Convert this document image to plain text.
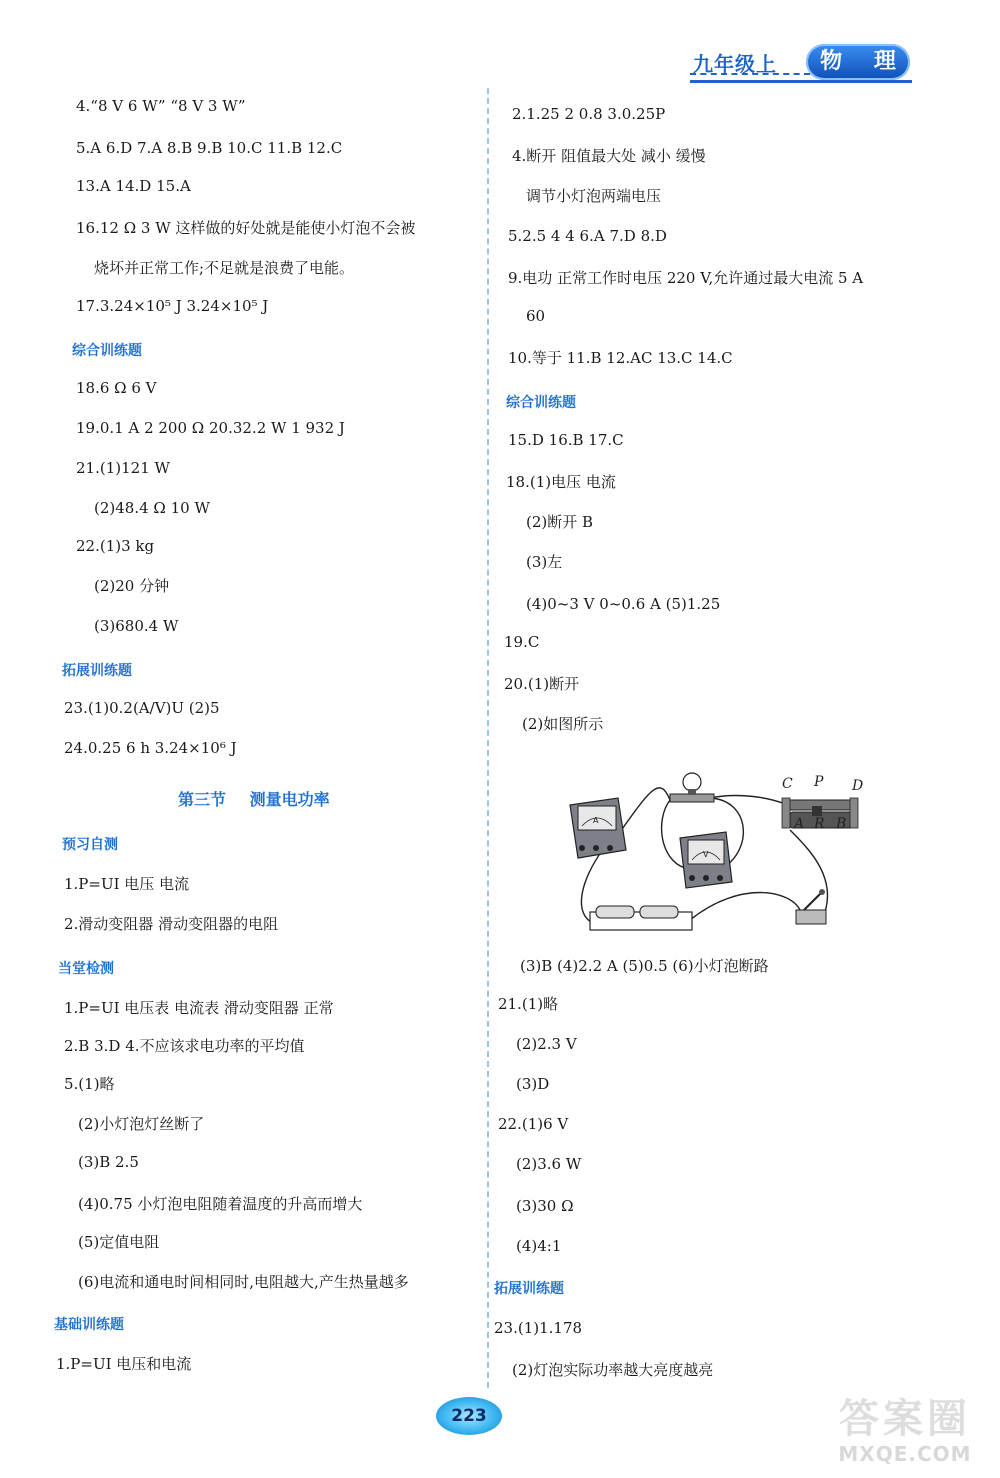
九年级上	物 理
4.“8 V 6 W” “8 V 3 W”
5.A 6.D 7.A 8.B 9.B 10.C 11.B 12.C
13.A 14.D 15.A
16.12 Ω 3 W 这样做的好处就是能使小灯泡不会被
烧坏并正常工作;不足就是浪费了电能。
17.3.24×10⁵ J 3.24×10⁵ J
18.6 Ω 6 V
19.0.1 A 2 200 Ω 20.32.2 W 1 932 J
21.(1)121 W
(2)48.4 Ω 10 W
22.(1)3 kg
(2)20 分钟
(3)680.4 W
23.(1)0.2(A/V)U (2)5
24.0.25 6 h 3.24×10⁶ J
1.P=UI 电压 电流
2.滑动变阻器 滑动变阻器的电阻
1.P=UI 电压表 电流表 滑动变阻器 正常
2.B 3.D 4.不应该求电功率的平均值
5.(1)略
(2)小灯泡灯丝断了
(3)B 2.5
(4)0.75 小灯泡电阻随着温度的升高而增大
(5)定值电阻
(6)电流和通电时间相同时,电阻越大,产生热量越多
1.P=UI 电压和电流
综合训练题
拓展训练题
预习自测
当堂检测
基础训练题
2.1.25 2 0.8 3.0.25P
4.断开 阻值最大处 减小 缓慢
调节小灯泡两端电压
5.2.5 4 4 6.A 7.D 8.D
9.电功 正常工作时电压 220 V,允许通过最大电流 5 A
60
10.等于 11.B 12.AC 13.C 14.C
15.D 16.B 17.C
18.(1)电压 电流
(2)断开 B
(3)左
(4)0~3 V 0~0.6 A (5)1.25
19.C
20.(1)断开
(2)如图所示
(3)B (4)2.2 A (5)0.5 (6)小灯泡断路
21.(1)略
(2)2.3 V
(3)D
22.(1)6 V
(2)3.6 W
(3)30 Ω
(4)4:1
23.(1)1.178
(2)灯泡实际功率越大亮度越亮
综合训练题
拓展训练题
第三节 测量电功率
A
V
C P D
A R B
223	答案圈
MXQE.COM
